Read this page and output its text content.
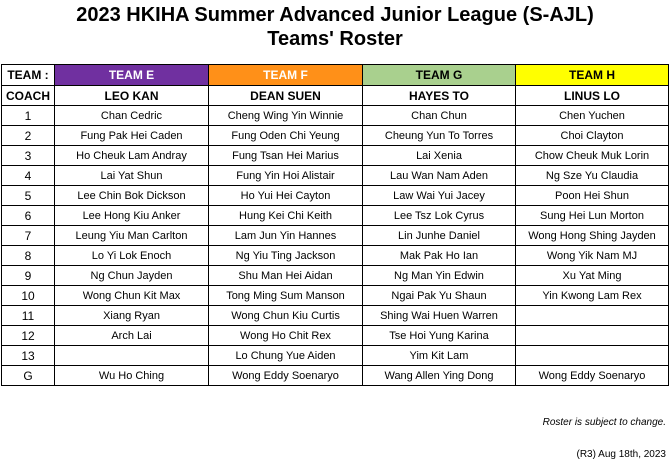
2023 HKIHA Summer Advanced Junior League (S-AJL)
Teams' Roster
TEAM :	TEAM E	TEAM F	TEAM G	TEAM H
COACH	LEO KAN	DEAN SUEN	HAYES TO	LINUS LO
1	Chan Cedric	Cheng Wing Yin Winnie	Chan Chun	Chen Yuchen
2	Fung Pak Hei Caden	Fung Oden Chi Yeung	Cheung Yun To Torres	Choi Clayton
3	Ho Cheuk Lam Andray	Fung Tsan Hei Marius	Lai Xenia	Chow Cheuk Muk Lorin
4	Lai Yat Shun	Fung Yin Hoi Alistair	Lau Wan Nam Aden	Ng Sze Yu Claudia
5	Lee Chin Bok Dickson	Ho Yui Hei Cayton	Law Wai Yui Jacey	Poon Hei Shun
6	Lee Hong Kiu Anker	Hung Kei Chi Keith	Lee Tsz Lok Cyrus	Sung Hei Lun Morton
7	Leung Yiu Man Carlton	Lam Jun Yin Hannes	Lin Junhe Daniel	Wong Hong Shing Jayden
8	Lo Yi Lok Enoch	Ng Yiu Ting Jackson	Mak Pak Ho Ian	Wong Yik Nam MJ
9	Ng Chun Jayden	Shu Man Hei Aidan	Ng Man Yin Edwin	Xu Yat Ming
10	Wong Chun Kit Max	Tong Ming Sum Manson	Ngai Pak Yu Shaun	Yin Kwong Lam Rex
11	Xiang Ryan	Wong Chun Kiu Curtis	Shing Wai Huen Warren	
12	Arch Lai	Wong Ho Chit Rex	Tse Hoi Yung Karina	
13		Lo Chung Yue Aiden	Yim Kit Lam	
G	Wu Ho Ching	Wong Eddy Soenaryo	Wang Allen Ying Dong	Wong Eddy Soenaryo
Roster is subject to change.
(R3) Aug 18th, 2023
